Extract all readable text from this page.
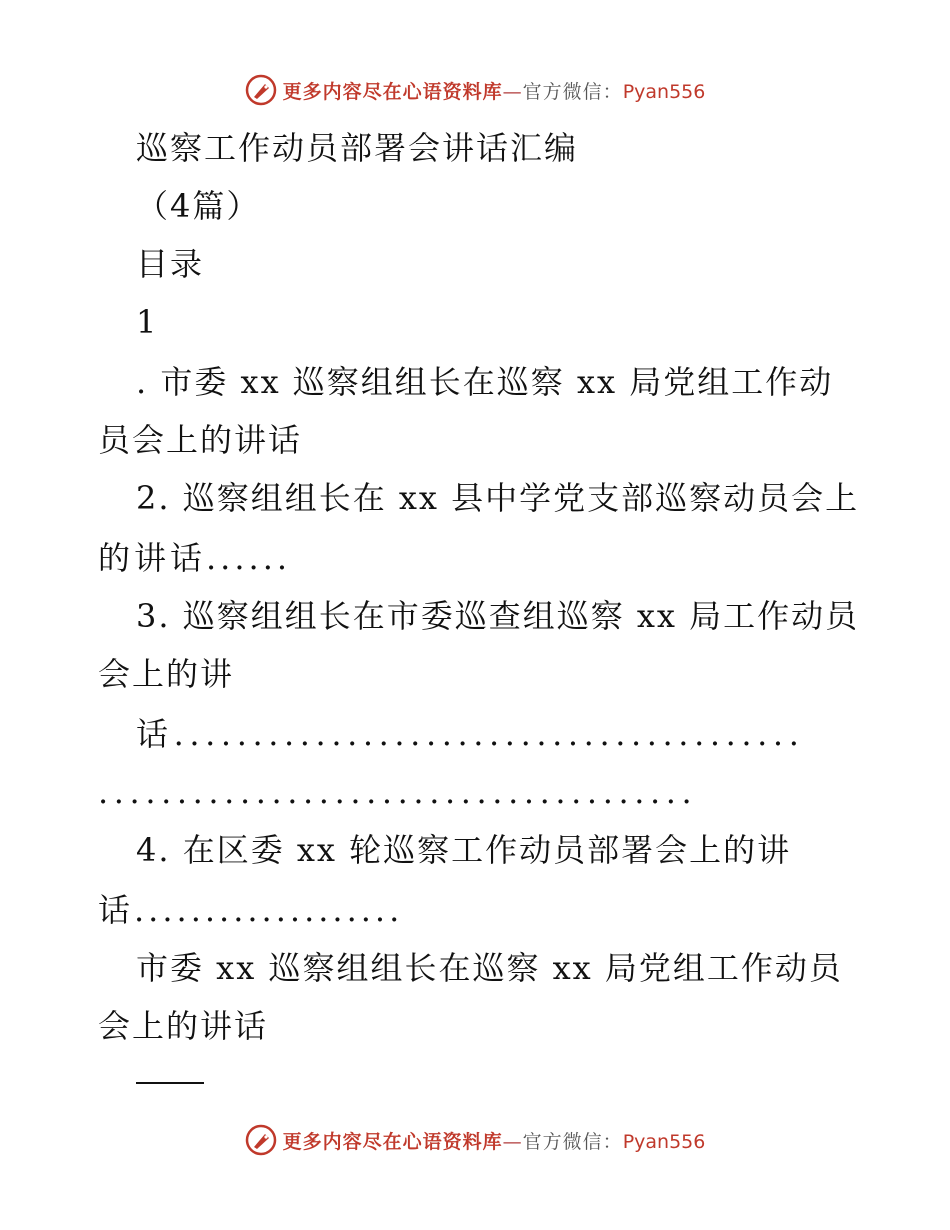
更多内容尽在心语资料库—官方微信：Pyan556
巡察工作动员部署会讲话汇编
（4篇）
目录
1
. 市委 xx 巡察组组长在巡察 xx 局党组工作动
员会上的讲话
2. 巡察组组长在 xx 县中学党支部巡察动员会上
的讲话......
3. 巡察组组长在市委巡查组巡察 xx 局工作动员
会上的讲
话........................................
......................................
4. 在区委 xx 轮巡察工作动员部署会上的讲
话...................
市委 xx 巡察组组长在巡察 xx 局党组工作动员
会上的讲话
更多内容尽在心语资料库—官方微信：Pyan556
